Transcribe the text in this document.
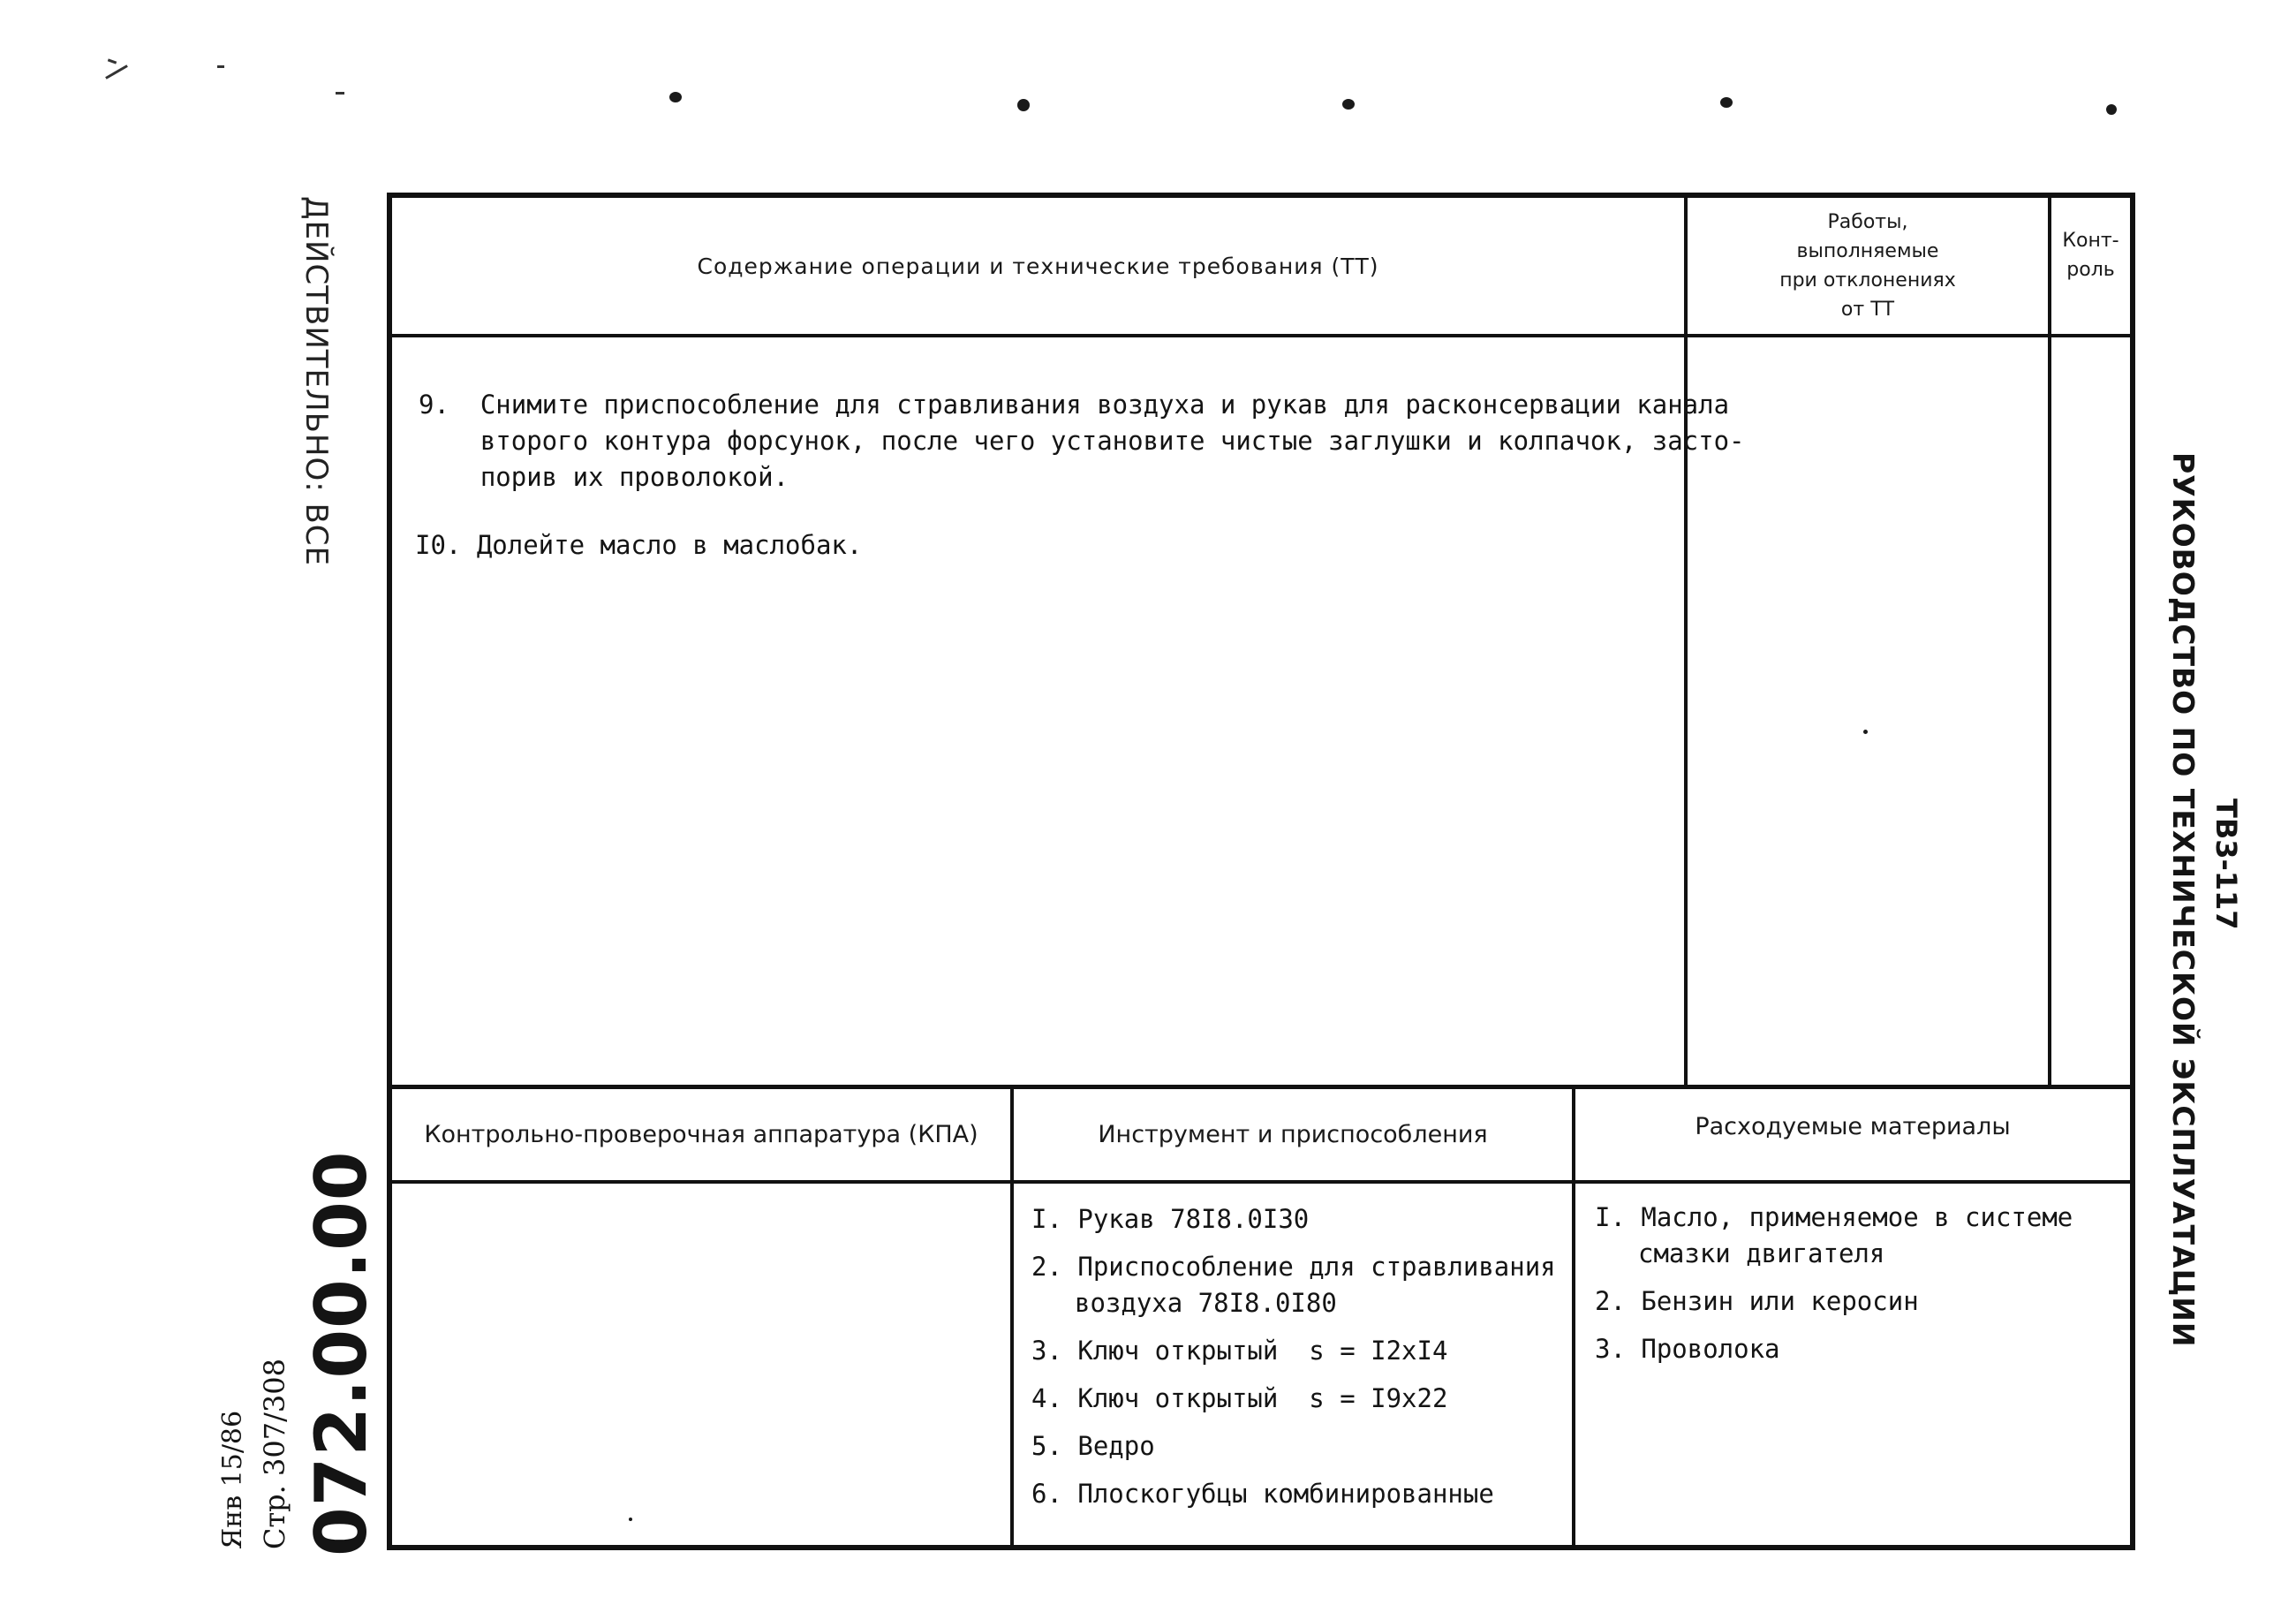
ДЕЙСТВИТЕЛЬНО: ВСЕ
РУКОВОДСТВО ПО ТЕХНИЧЕСКОЙ ЭКСПЛУАТАЦИИ ТВ3-117
072.00.00
Стр. 307/308
Янв 15/86
Содержание операции и технические требования (ТТ)
Работы,
выполняемые
при отклонениях
от ТТ
Конт-
роль
9.  Снимите приспособление для стравливания воздуха и рукав для расконсервации канала
второго контура форсунок, после чего установите чистые заглушки и колпачок, засто-
порив их проволокой.
I0. Долейте масло в маслобак.
Контрольно-проверочная аппаратура (КПА)	Инструмент и приспособления	Расходуемые материалы
I. Рукав 78I8.0I30
2. Приспособление для стравливания
воздуха 78I8.0I80
3. Ключ открытый  s = I2хI4
4. Ключ открытый  s = I9х22
5. Ведро
6. Плоскогубцы комбинированные
I. Масло, применяемое в системе
смазки двигателя
2. Бензин или керосин
3. Проволока
